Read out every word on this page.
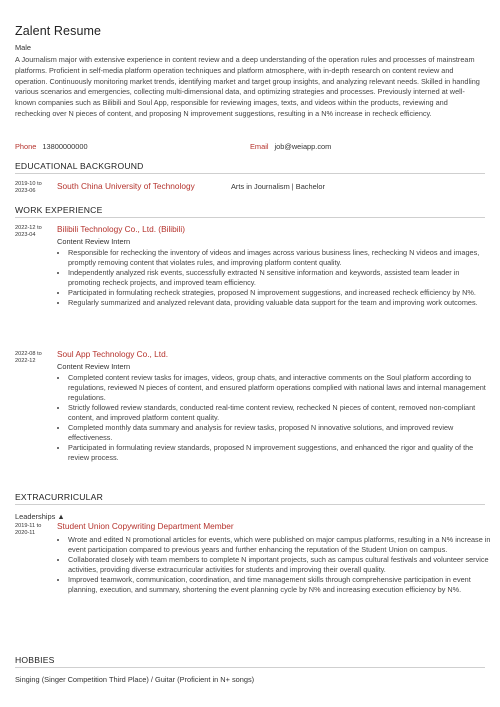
Zalent Resume
Male

A Journalism major with extensive experience in content review and a deep understanding of the operation rules and processes of mainstream platforms. Proficient in self-media platform operation techniques and platform atmosphere, with in-depth research on content review and operation. Continuously monitoring market trends, identifying market and target group insights, and analyzing relevant needs. Skilled in handling various scenarios and emergencies, collecting multi-dimensional data, and optimizing strategies and processes. Previously interned at well-known companies such as Bilibili and Soul App, responsible for reviewing images, texts, and videos within the products, reviewing and rechecking over N pieces of content, and proposing N improvement suggestions, resulting in a N% increase in recheck efficiency.

Phone 13800000000	Email job@weiapp.com
EDUCATIONAL BACKGROUND
2019-10 to
2023-06
South China University of Technology	Arts in Journalism | Bachelor
WORK EXPERIENCE
2022-12 to
2023-04
Bilibili Technology Co., Ltd. (Bilibili)
Content Review Intern
• Responsible for rechecking the inventory of videos and images across various business lines, rechecking N videos and images, promptly removing content that violates rules, and improving platform content quality.
• Independently analyzed risk events, successfully extracted N sensitive information and keywords, assisted team leader in promoting recheck projects, and improved team efficiency.
• Participated in formulating recheck strategies, proposed N improvement suggestions, and increased recheck efficiency by N%.
• Regularly summarized and analyzed relevant data, providing valuable data support for the team and improving work outcomes.
2022-08 to
2022-12
Soul App Technology Co., Ltd.
Content Review Intern
• Completed content review tasks for images, videos, group chats, and interactive comments on the Soul platform according to regulations, reviewed N pieces of content, and ensured platform operations complied with national laws and internal management regulations.
• Strictly followed review standards, conducted real-time content review, rechecked N pieces of content, removed non-compliant content, and improved platform content quality.
• Completed monthly data summary and analysis for review tasks, proposed N innovative solutions, and improved review effectiveness.
• Participated in formulating review standards, proposed N improvement suggestions, and enhanced the rigor and quality of the review process.
EXTRACURRICULAR
Leaderships ▲
2019-11 to
2020-11
Student Union Copywriting Department Member
• Wrote and edited N promotional articles for events, which were published on major campus platforms, resulting in a N% increase in event participation compared to previous years and further enhancing the reputation of the Student Union on campus.
• Collaborated closely with team members to complete N important projects, such as campus cultural festivals and volunteer service activities, providing diverse extracurricular activities for students and improving their overall quality.
• Improved teamwork, communication, coordination, and time management skills through comprehensive participation in event planning, execution, and summary, shortening the event planning cycle by N% and increasing execution efficiency by N%.
HOBBIES
Singing (Singer Competition Third Place) / Guitar (Proficient in N+ songs)
